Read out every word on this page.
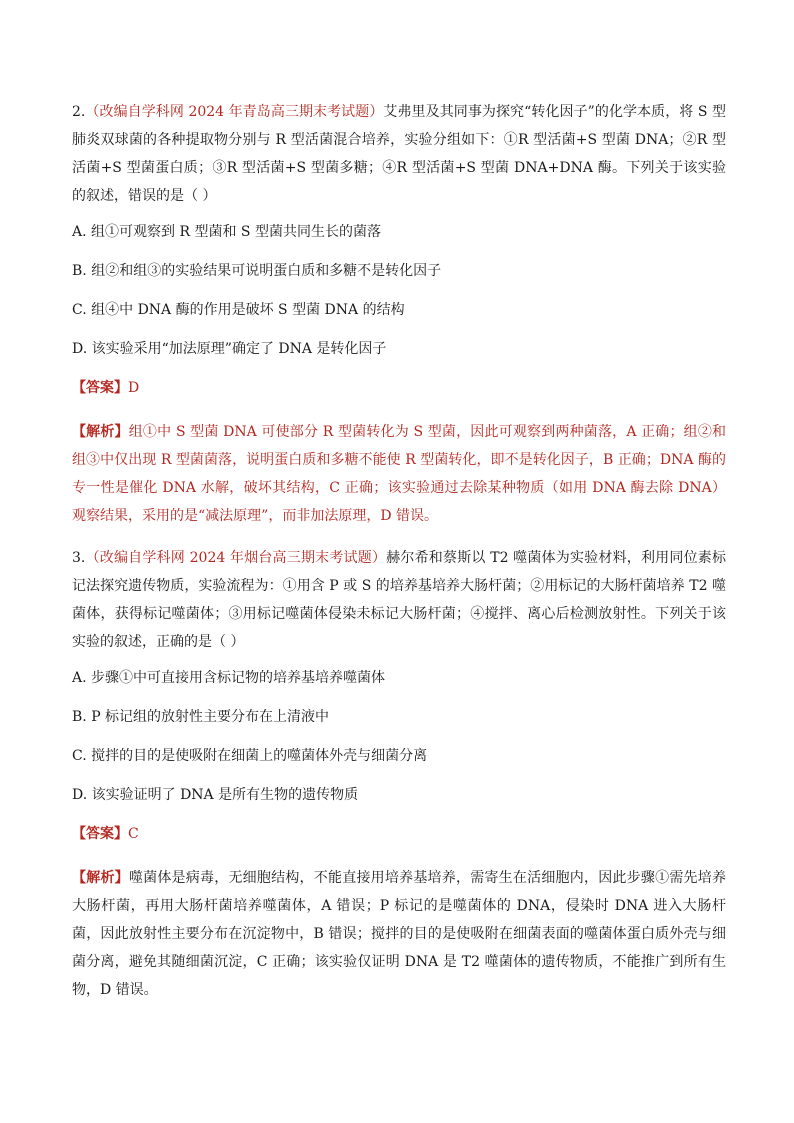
2.（改编自学科网 2024 年青岛高三期末考试题）艾弗里及其同事为探究“转化因子”的化学本质，将 S 型肺炎双球菌的各种提取物分别与 R 型活菌混合培养，实验分组如下：①R 型活菌+S 型菌 DNA；②R 型活菌+S 型菌蛋白质；③R 型活菌+S 型菌多糖；④R 型活菌+S 型菌 DNA+DNA 酶。下列关于该实验的叙述，错误的是（ ）

A. 组①可观察到 R 型菌和 S 型菌共同生长的菌落

B. 组②和组③的实验结果可说明蛋白质和多糖不是转化因子

C. 组④中 DNA 酶的作用是破坏 S 型菌 DNA 的结构

D. 该实验采用“加法原理”确定了 DNA 是转化因子

【答案】D

【解析】组①中 S 型菌 DNA 可使部分 R 型菌转化为 S 型菌，因此可观察到两种菌落，A 正确；组②和组③中仅出现 R 型菌菌落，说明蛋白质和多糖不能使 R 型菌转化，即不是转化因子，B 正确；DNA 酶的专一性是催化 DNA 水解，破坏其结构，C 正确；该实验通过去除某种物质（如用 DNA 酶去除 DNA）观察结果，采用的是“减法原理”，而非加法原理，D 错误。

3.（改编自学科网 2024 年烟台高三期末考试题）赫尔希和蔡斯以 T2 噬菌体为实验材料，利用同位素标记法探究遗传物质，实验流程为：①用含 P 或 S 的培养基培养大肠杆菌；②用标记的大肠杆菌培养 T2 噬菌体，获得标记噬菌体；③用标记噬菌体侵染未标记大肠杆菌；④搅拌、离心后检测放射性。下列关于该实验的叙述，正确的是（ ）

A. 步骤①中可直接用含标记物的培养基培养噬菌体

B. P 标记组的放射性主要分布在上清液中

C. 搅拌的目的是使吸附在细菌上的噬菌体外壳与细菌分离

D. 该实验证明了 DNA 是所有生物的遗传物质

【答案】C

【解析】噬菌体是病毒，无细胞结构，不能直接用培养基培养，需寄生在活细胞内，因此步骤①需先培养大肠杆菌，再用大肠杆菌培养噬菌体，A 错误；P 标记的是噬菌体的 DNA，侵染时 DNA 进入大肠杆菌，因此放射性主要分布在沉淀物中，B 错误；搅拌的目的是使吸附在细菌表面的噬菌体蛋白质外壳与细菌分离，避免其随细菌沉淀，C 正确；该实验仅证明 DNA 是 T2 噬菌体的遗传物质，不能推广到所有生物，D 错误。
